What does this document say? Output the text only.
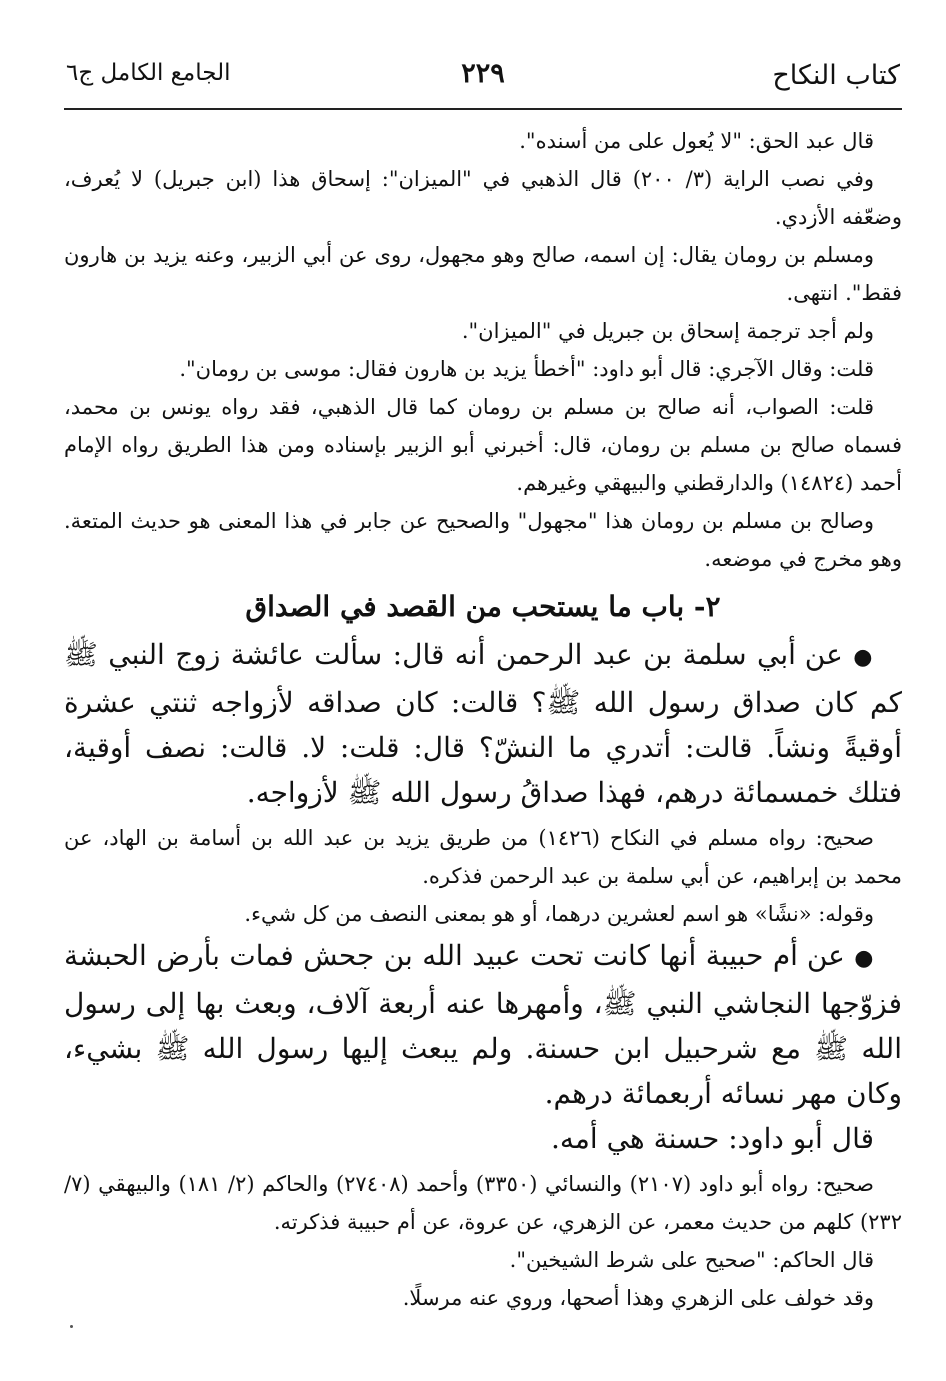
كتاب النكاح
٢٢٩
الجامع الكامل ج٦

قال عبد الحق: "لا يُعول على من أسنده".

وفي نصب الراية (٣/ ٢٠٠) قال الذهبي في "الميزان": إسحاق هذا (ابن جبريل) لا يُعرف، وضعّفه الأزدي.

ومسلم بن رومان يقال: إن اسمه، صالح وهو مجهول، روى عن أبي الزبير، وعنه يزيد بن هارون فقط". انتهى.

ولم أجد ترجمة إسحاق بن جبريل في "الميزان".

قلت: وقال الآجري: قال أبو داود: "أخطأ يزيد بن هارون فقال: موسى بن رومان".

قلت: الصواب، أنه صالح بن مسلم بن رومان كما قال الذهبي، فقد رواه يونس بن محمد، فسماه صالح بن مسلم بن رومان، قال: أخبرني أبو الزبير بإسناده ومن هذا الطريق رواه الإمام أحمد (١٤٨٢٤) والدارقطني والبيهقي وغيرهم.

وصالح بن مسلم بن رومان هذا "مجهول" والصحيح عن جابر في هذا المعنى هو حديث المتعة. وهو مخرج في موضعه.

٢- باب ما يستحب من القصد في الصداق

● عن أبي سلمة بن عبد الرحمن أنه قال: سألت عائشة زوج النبي ﷺ كم كان صداق رسول الله ﷺ؟ قالت: كان صداقه لأزواجه ثنتي عشرة أوقيةً ونشاً. قالت: أتدري ما النشّ؟ قال: قلت: لا. قالت: نصف أوقية، فتلك خمسمائة درهم، فهذا صداقُ رسول الله ﷺ لأزواجه.

صحيح: رواه مسلم في النكاح (١٤٢٦) من طريق يزيد بن عبد الله بن أسامة بن الهاد، عن محمد بن إبراهيم، عن أبي سلمة بن عبد الرحمن فذكره.

وقوله: «نشًا» هو اسم لعشرين درهما، أو هو بمعنى النصف من كل شيء.

● عن أم حبيبة أنها كانت تحت عبيد الله بن جحش فمات بأرض الحبشة فزوّجها النجاشي النبي ﷺ، وأمهرها عنه أربعة آلاف، وبعث بها إلى رسول الله ﷺ مع شرحبيل ابن حسنة. ولم يبعث إليها رسول الله ﷺ بشيء، وكان مهر نسائه أربعمائة درهم.

قال أبو داود: حسنة هي أمه.

صحيح: رواه أبو داود (٢١٠٧) والنسائي (٣٣٥٠) وأحمد (٢٧٤٠٨) والحاكم (٢/ ١٨١) والبيهقي (٧/ ٢٣٢) كلهم من حديث معمر، عن الزهري، عن عروة، عن أم حبيبة فذكرته.

قال الحاكم: "صحيح على شرط الشيخين".

وقد خولف على الزهري وهذا أصحها، وروي عنه مرسلًا.
